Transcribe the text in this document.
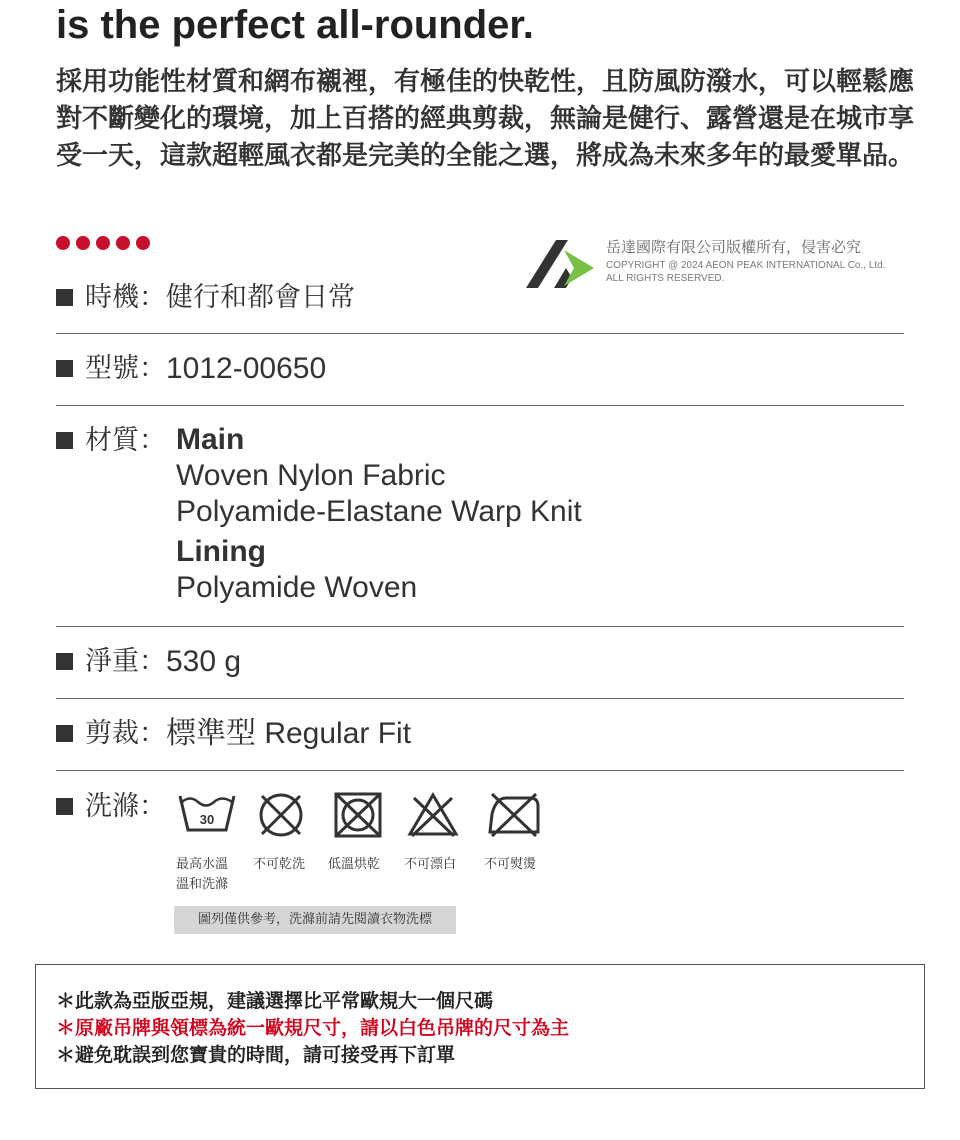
is the perfect all-rounder.

採用功能性材質和網布襯裡，有極佳的快乾性，且防風防潑水，可以輕鬆應對不斷變化的環境，加上百搭的經典剪裁，無論是健行、露營還是在城市享受一天，這款超輕風衣都是完美的全能之選，將成為未來多年的最愛單品。

岳達國際有限公司版權所有，侵害必究
COPYRIGHT @ 2024 AEON PEAK INTERNATIONAL Co., Ltd.
ALL RIGHTS RESERVED.
時機： 健行和都會日常
型號： 1012-00650
材質： Main
Woven Nylon Fabric
Polyamide-Elastane Warp Knit
Lining
Polyamide Woven
淨重： 530 g
剪裁： 標準型 Regular Fit
洗滌：	30
最高水溫
溫和洗滌
不可乾洗 低溫烘乾 不可漂白 不可熨燙
圖列僅供參考，洗滌前請先閱讀衣物洗標
＊此款為亞版亞規，建議選擇比平常歐規大一個尺碼
＊原廠吊牌與領標為統一歐規尺寸，請以白色吊牌的尺寸為主
＊避免耽誤到您寶貴的時間，請可接受再下訂單
